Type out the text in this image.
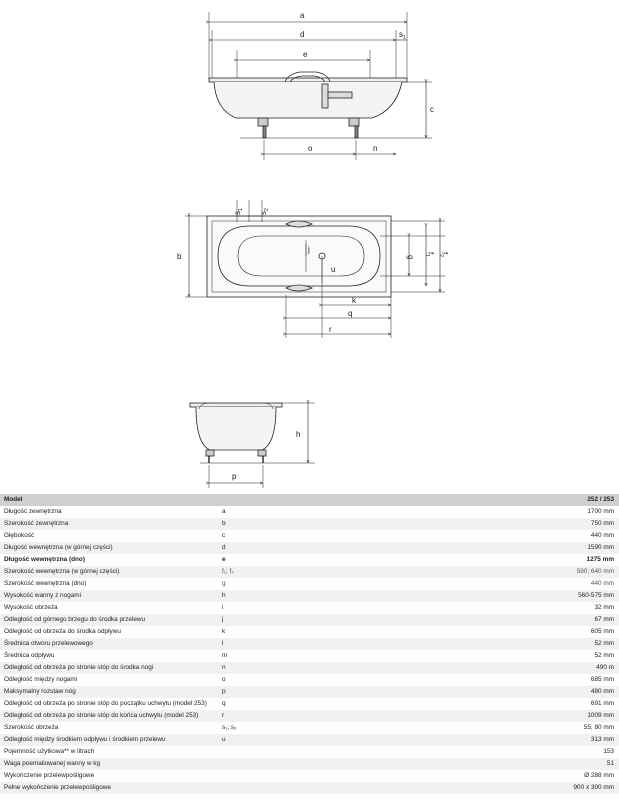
a
d
e
$s_1$
c
o	n
b
$s_1$
$s_2$
g
$f_1$
$f_2$
j
u
k
q
r
h
p
Model		252 / 253
Długość zewnętrzna	a	1700 mm
Szerokość zewnętrzna	b	750 mm
Głębokość	c	440 mm
Długość wewnętrzna (w górnej części)	d	1590 mm
Długość wewnętrzna (dno)	e	1275 mm
Szerokość wewnętrzna (w górnej części)	f₁; f₂	590; 640 mm
Szerokość wewnętrzna (dno)	g	440 mm
Wysokość wanny z nogami	h	560-575 mm
Wysokość obrzeża	i	32 mm
Odległość od górnego brzegu do środka przelewu	j	67 mm
Odległość od obrzeża do środka odpływu	k	605 mm
Średnica otworu przelewowego	l	52 mm
Średnica odpływu	m	52 mm
Odległość od obrzeża po stronie stóp do środka nogi	n	490 m
Odległość między nogami	o	685 mm
Maksymalny rozstaw nóg	p	480 mm
Odległość od obrzeża po stronie stóp do początku uchwytu (model 253)	q	691 mm
Odległość od obrzeża po stronie stóp do końca uchwytu (model 253)	r	1009 mm
Szerokość obrzeża	s₁; s₂	55; 80 mm
Odległość między środkiem odpływu i środkiem przelewu	u	313 mm
Pojemność użytkowa** w litrach		153
Waga poemaliowanej wanny w kg		51
Wykończenie przelewpośligowe		Ø 288 mm
Pełne wykończenie przelewpośligowe		900 x 300 mm
